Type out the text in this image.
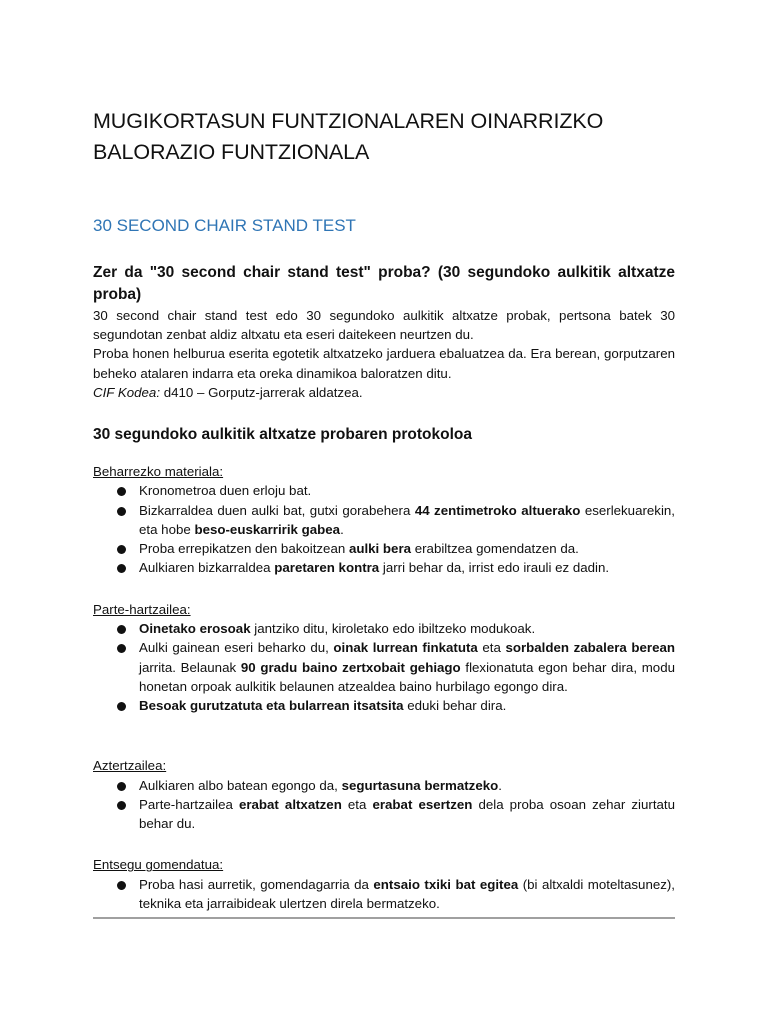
MUGIKORTASUN FUNTZIONALAREN OINARRIZKO
BALORAZIO FUNTZIONALA
30 SECOND CHAIR STAND TEST
Zer da "30 second chair stand test" proba? (30 segundoko aulkitik altxatze proba)

30 second chair stand test edo 30 segundoko aulkitik altxatze probak, pertsona batek 30 segundotan zenbat aldiz altxatu eta eseri daitekeen neurtzen du.

Proba honen helburua eserita egotetik altxatzeko jarduera ebaluatzea da. Era berean, gorputzaren beheko atalaren indarra eta oreka dinamikoa baloratzen ditu.

CIF Kodea: d410 – Gorputz-jarrerak aldatzea.

30 segundoko aulkitik altxatze probaren protokoloa
Beharrezko materiala:
Kronometroa duen erloju bat.
Bizkarraldea duen aulki bat, gutxi gorabehera 44 zentimetroko altuerako eserlekuarekin, eta hobe beso-euskarririk gabea.
Proba errepikatzen den bakoitzean aulki bera erabiltzea gomendatzen da.
Aulkiaren bizkarraldea paretaren kontra jarri behar da, irrist edo irauli ez dadin.
Parte-hartzailea:
Oinetako erosoak jantziko ditu, kiroletako edo ibiltzeko modukoak.
Aulki gainean eseri beharko du, oinak lurrean finkatuta eta sorbalden zabalera berean jarrita. Belaunak 90 gradu baino zertxobait gehiago flexionatuta egon behar dira, modu honetan orpoak aulkitik belaunen atzealdea baino hurbilago egongo dira.
Besoak gurutzatuta eta bularrean itsatsita eduki behar dira.
Aztertzailea:
Aulkiaren albo batean egongo da, segurtasuna bermatzeko.
Parte-hartzailea erabat altxatzen eta erabat esertzen dela proba osoan zehar ziurtatu behar du.
Entsegu gomendatua:
Proba hasi aurretik, gomendagarria da entsaio txiki bat egitea (bi altxaldi moteltasunez), teknika eta jarraibideak ulertzen direla bermatzeko.
